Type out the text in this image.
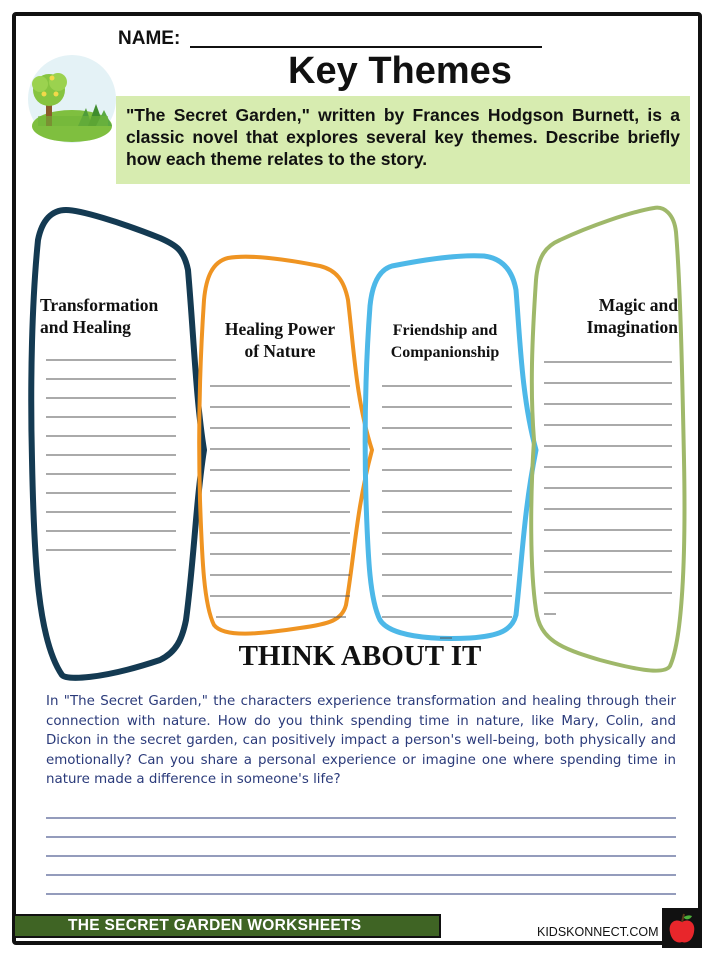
NAME:
Key Themes
"The Secret Garden," written by Frances Hodgson Burnett, is a classic novel that explores several key themes. Describe briefly how each theme relates to the story.
Transformation
and Healing	Healing Power
of Nature
Friendship and
Companionship
Magic and
Imagination
THINK ABOUT IT
In "The Secret Garden," the characters experience transformation and healing through their connection with nature. How do you think spending time in nature, like Mary, Colin, and Dickon in the secret garden, can positively impact a person's well-being, both physically and emotionally? Can you share a personal experience or imagine one where spending time in nature made a difference in someone's life?
THE SECRET GARDEN WORKSHEETS	KIDSKONNECT.COM
